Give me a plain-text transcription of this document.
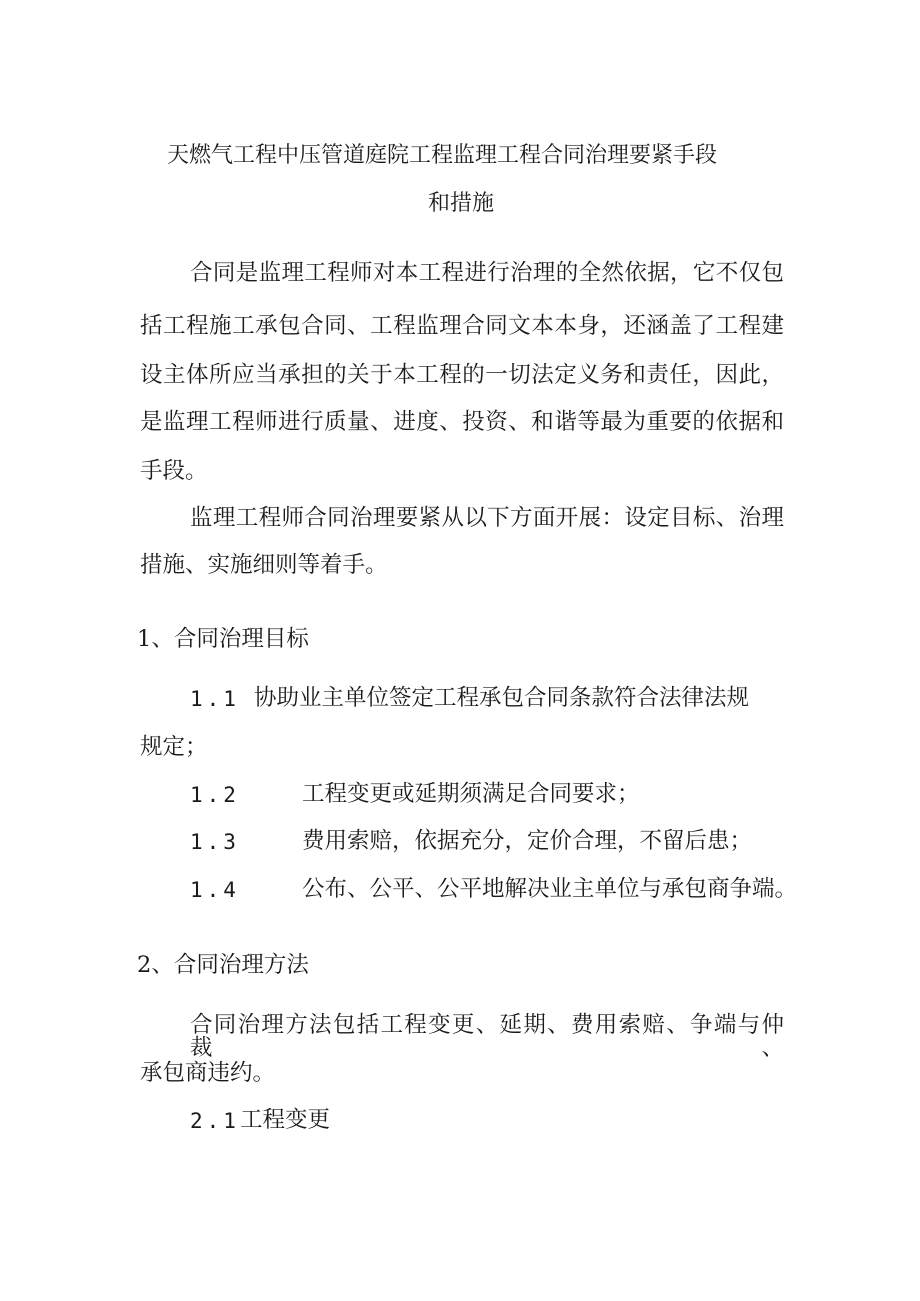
天燃气工程中压管道庭院工程监理工程合同治理要紧手段
和措施
合同是监理工程师对本工程进行治理的全然依据，它不仅包
括工程施工承包合同、工程监理合同文本本身，还涵盖了工程建
设主体所应当承担的关于本工程的一切法定义务和责任，因此，
是监理工程师进行质量、进度、投资、和谐等最为重要的依据和
手段。
监理工程师合同治理要紧从以下方面开展：设定目标、治理
措施、实施细则等着手。
1、合同治理目标
1.1 协助业主单位签定工程承包合同条款符合法律法规
规定；
1.2	工程变更或延期须满足合同要求；
1.3	费用索赔，依据充分，定价合理，不留后患；
1.4	公布、公平、公平地解决业主单位与承包商争端。
2、合同治理方法
合同治理方法包括工程变更、延期、费用索赔、争端与仲裁、
承包商违约。
2.1 工程变更
